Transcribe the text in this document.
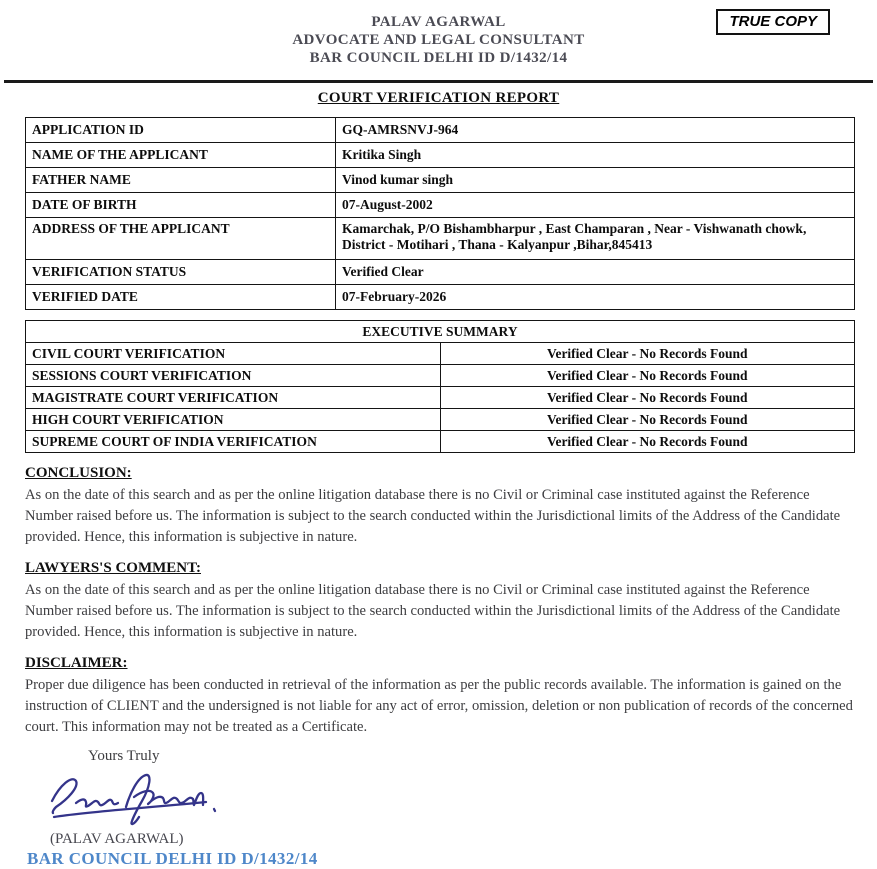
PALAV AGARWAL
ADVOCATE AND LEGAL CONSULTANT
BAR COUNCIL DELHI ID D/1432/14
TRUE COPY
COURT VERIFICATION REPORT
APPLICATION ID	GQ-AMRSNVJ-964
NAME OF THE APPLICANT	Kritika Singh
FATHER NAME	Vinod kumar singh
DATE OF BIRTH	07-August-2002
ADDRESS OF THE APPLICANT	Kamarchak, P/O Bishambharpur , East Champaran , Near - Vishwanath chowk, District - Motihari , Thana - Kalyanpur ,Bihar,845413
VERIFICATION STATUS	Verified Clear
VERIFIED DATE	07-February-2026
EXECUTIVE SUMMARY	
CIVIL COURT VERIFICATION	Verified Clear - No Records Found
SESSIONS COURT VERIFICATION	Verified Clear - No Records Found
MAGISTRATE COURT VERIFICATION	Verified Clear - No Records Found
HIGH COURT VERIFICATION	Verified Clear - No Records Found
SUPREME COURT OF INDIA VERIFICATION	Verified Clear - No Records Found
CONCLUSION:
As on the date of this search and as per the online litigation database there is no Civil or Criminal case instituted against the Reference Number raised before us. The information is subject to the search conducted within the Jurisdictional limits of the Address of the Candidate provided. Hence, this information is subjective in nature.
LAWYERS'S COMMENT:
As on the date of this search and as per the online litigation database there is no Civil or Criminal case instituted against the Reference Number raised before us. The information is subject to the search conducted within the Jurisdictional limits of the Address of the Candidate provided. Hence, this information is subjective in nature.
DISCLAIMER:
Proper due diligence has been conducted in retrieval of the information as per the public records available. The information is gained on the instruction of CLIENT and the undersigned is not liable for any act of error, omission, deletion or non publication of records of the concerned court. This information may not be treated as a Certificate.
Yours Truly
(PALAV AGARWAL)
BAR COUNCIL DELHI ID D/1432/14
